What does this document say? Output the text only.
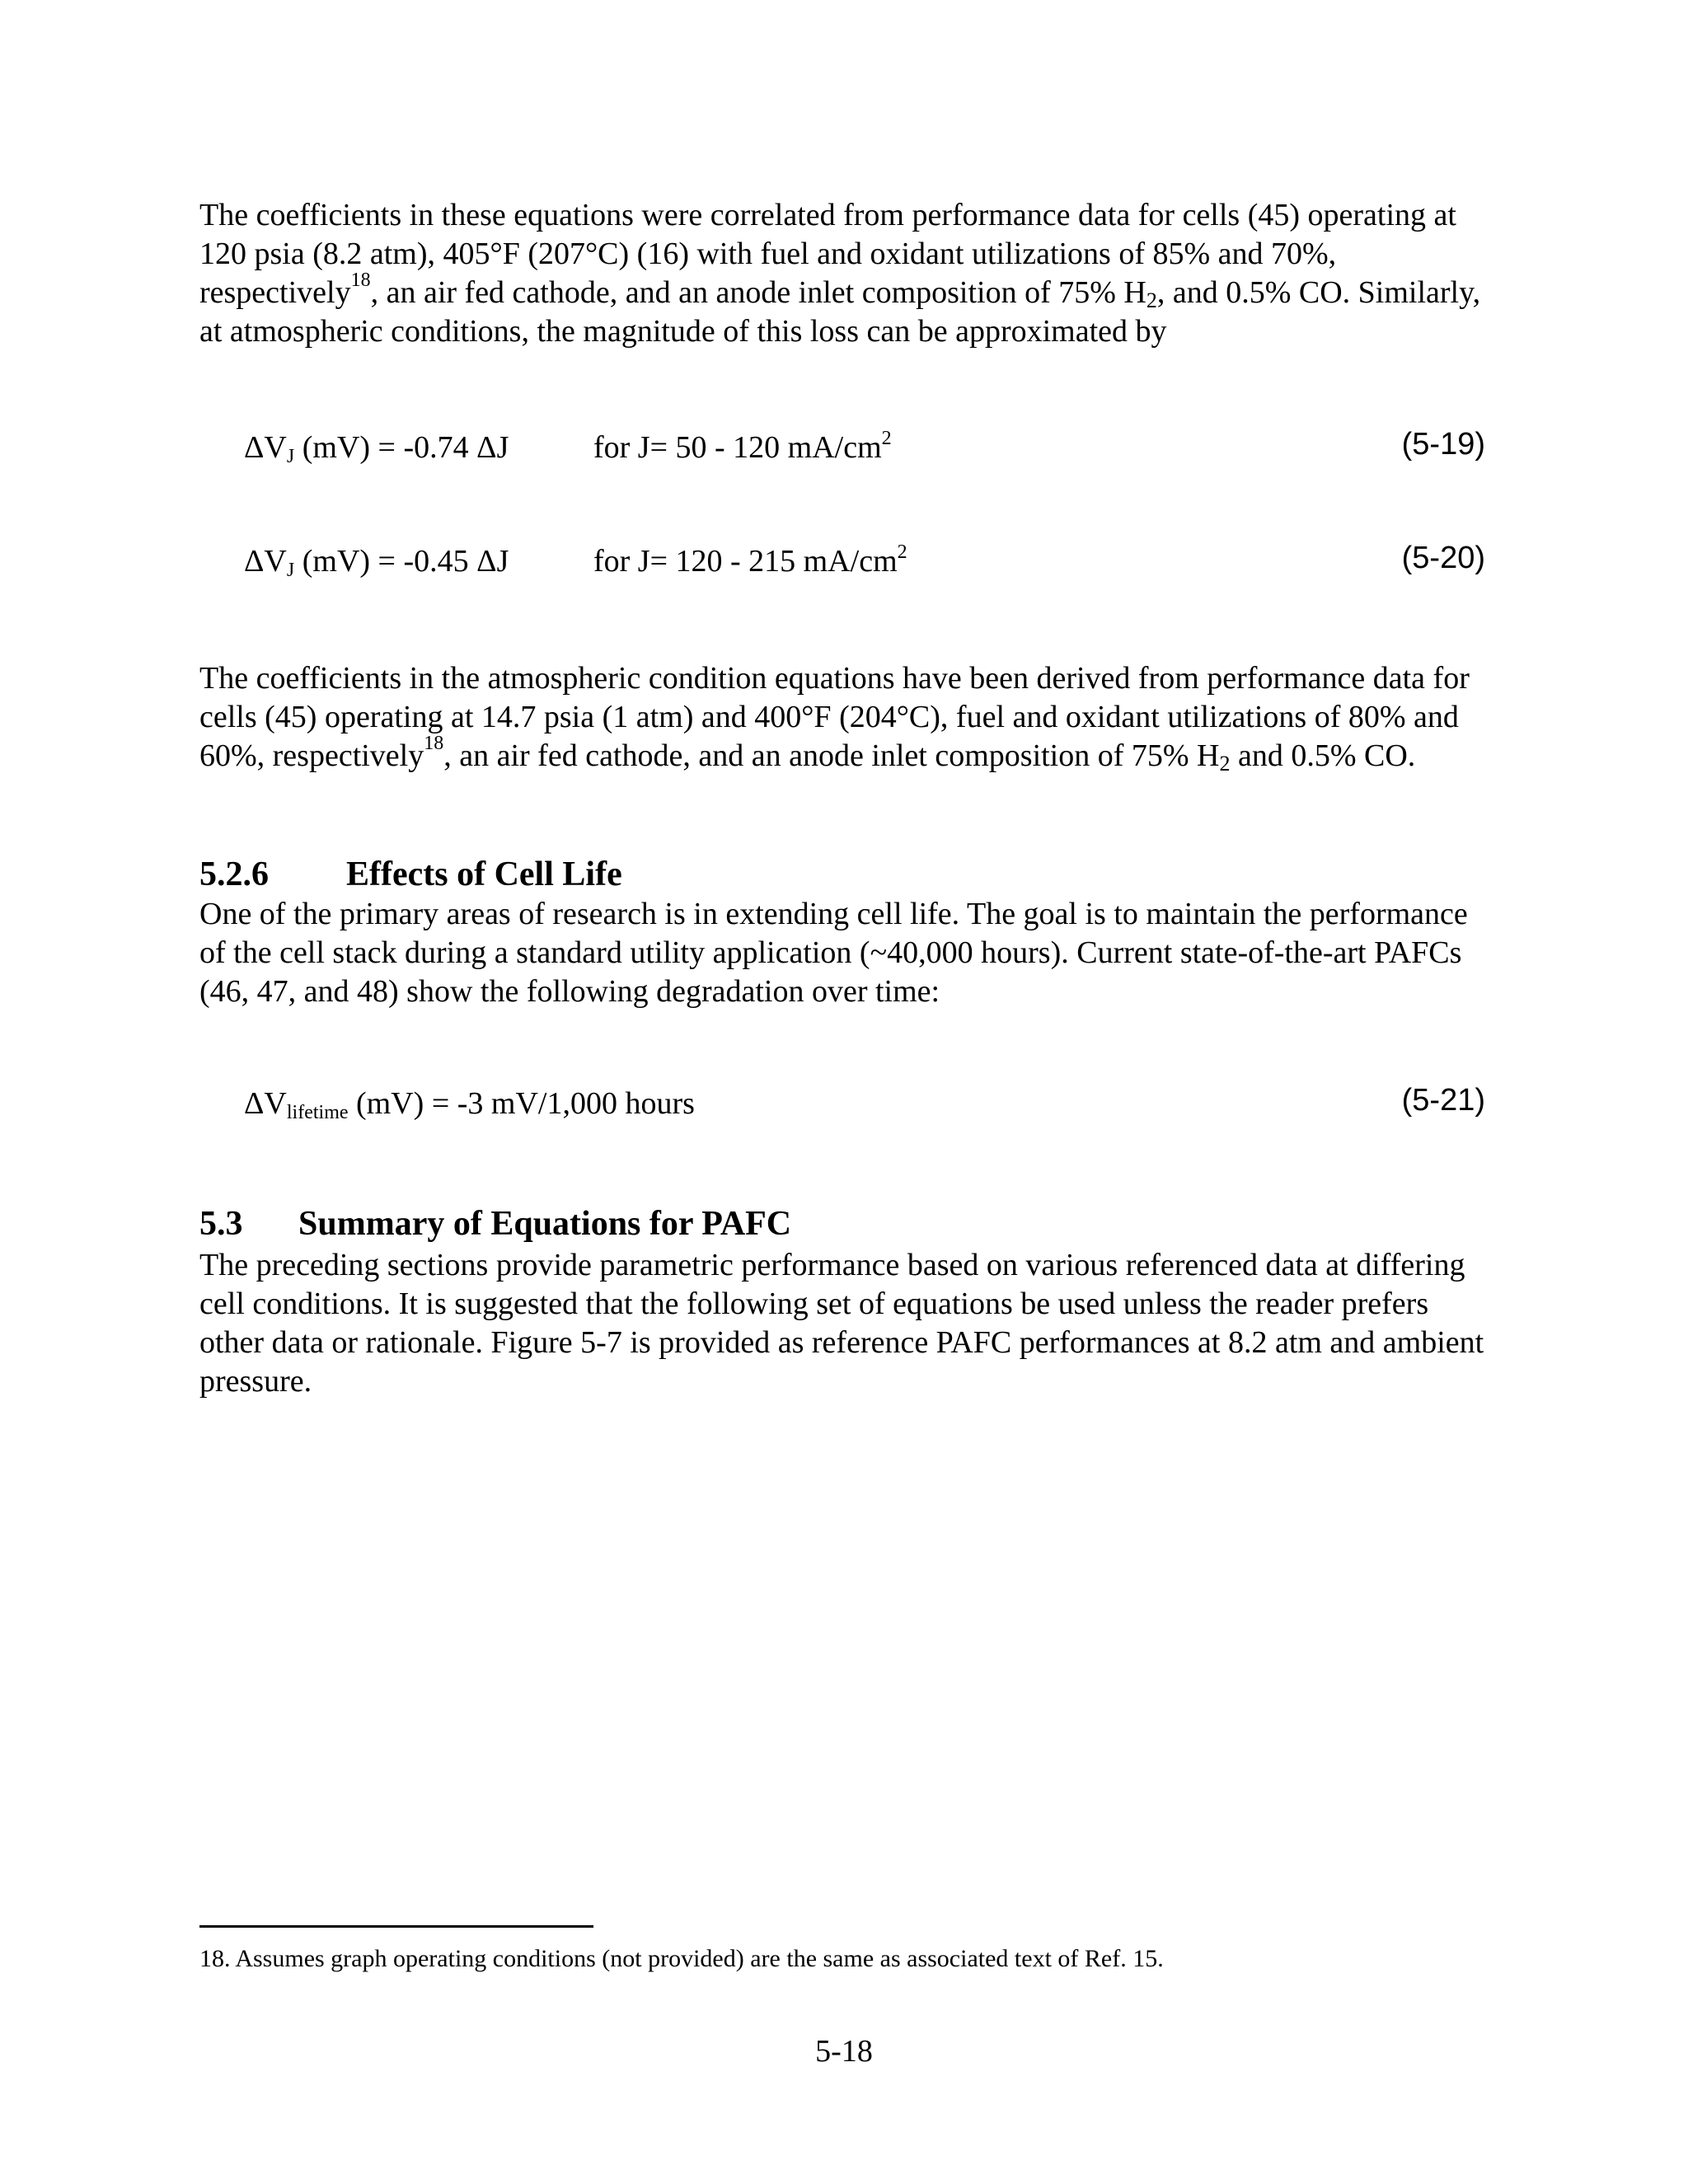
The coefficients in these equations were correlated from performance data for cells (45) operating at 120 psia (8.2 atm), 405°F (207°C) (16) with fuel and oxidant utilizations of 85% and 70%, respectively$^{18}$, an air fed cathode, and an anode inlet composition of 75% $H_2$, and 0.5% CO. Similarly, at atmospheric conditions, the magnitude of this loss can be approximated by

$\Delta V_J$ (mV) = -0.74 ΔJ	for J= 50 - 120 $mA/cm^2$	(5-19)
$\Delta V_J$ (mV) = -0.45 ΔJ	for J= 120 - 215 $mA/cm^2$	(5-20)

The coefficients in the atmospheric condition equations have been derived from performance data for cells (45) operating at 14.7 psia (1 atm) and 400°F (204°C), fuel and oxidant utilizations of 80% and 60%, respectively$^{18}$, an air fed cathode, and an anode inlet composition of 75% $H_2$ and 0.5% CO.

5.2.6 Effects of Cell Life

One of the primary areas of research is in extending cell life. The goal is to maintain the performance of the cell stack during a standard utility application (~40,000 hours). Current state-of-the-art PAFCs (46, 47, and 48) show the following degradation over time:

$\Delta V_{lifetime}$ (mV) = -3 mV/1,000 hours	(5-21)
5.3 Summary of Equations for PAFC

The preceding sections provide parametric performance based on various referenced data at differing cell conditions. It is suggested that the following set of equations be used unless the reader prefers other data or rationale. Figure 5-7 is provided as reference PAFC performances at 8.2 atm and ambient pressure.

18. Assumes graph operating conditions (not provided) are the same as associated text of Ref. 15.
5-18
